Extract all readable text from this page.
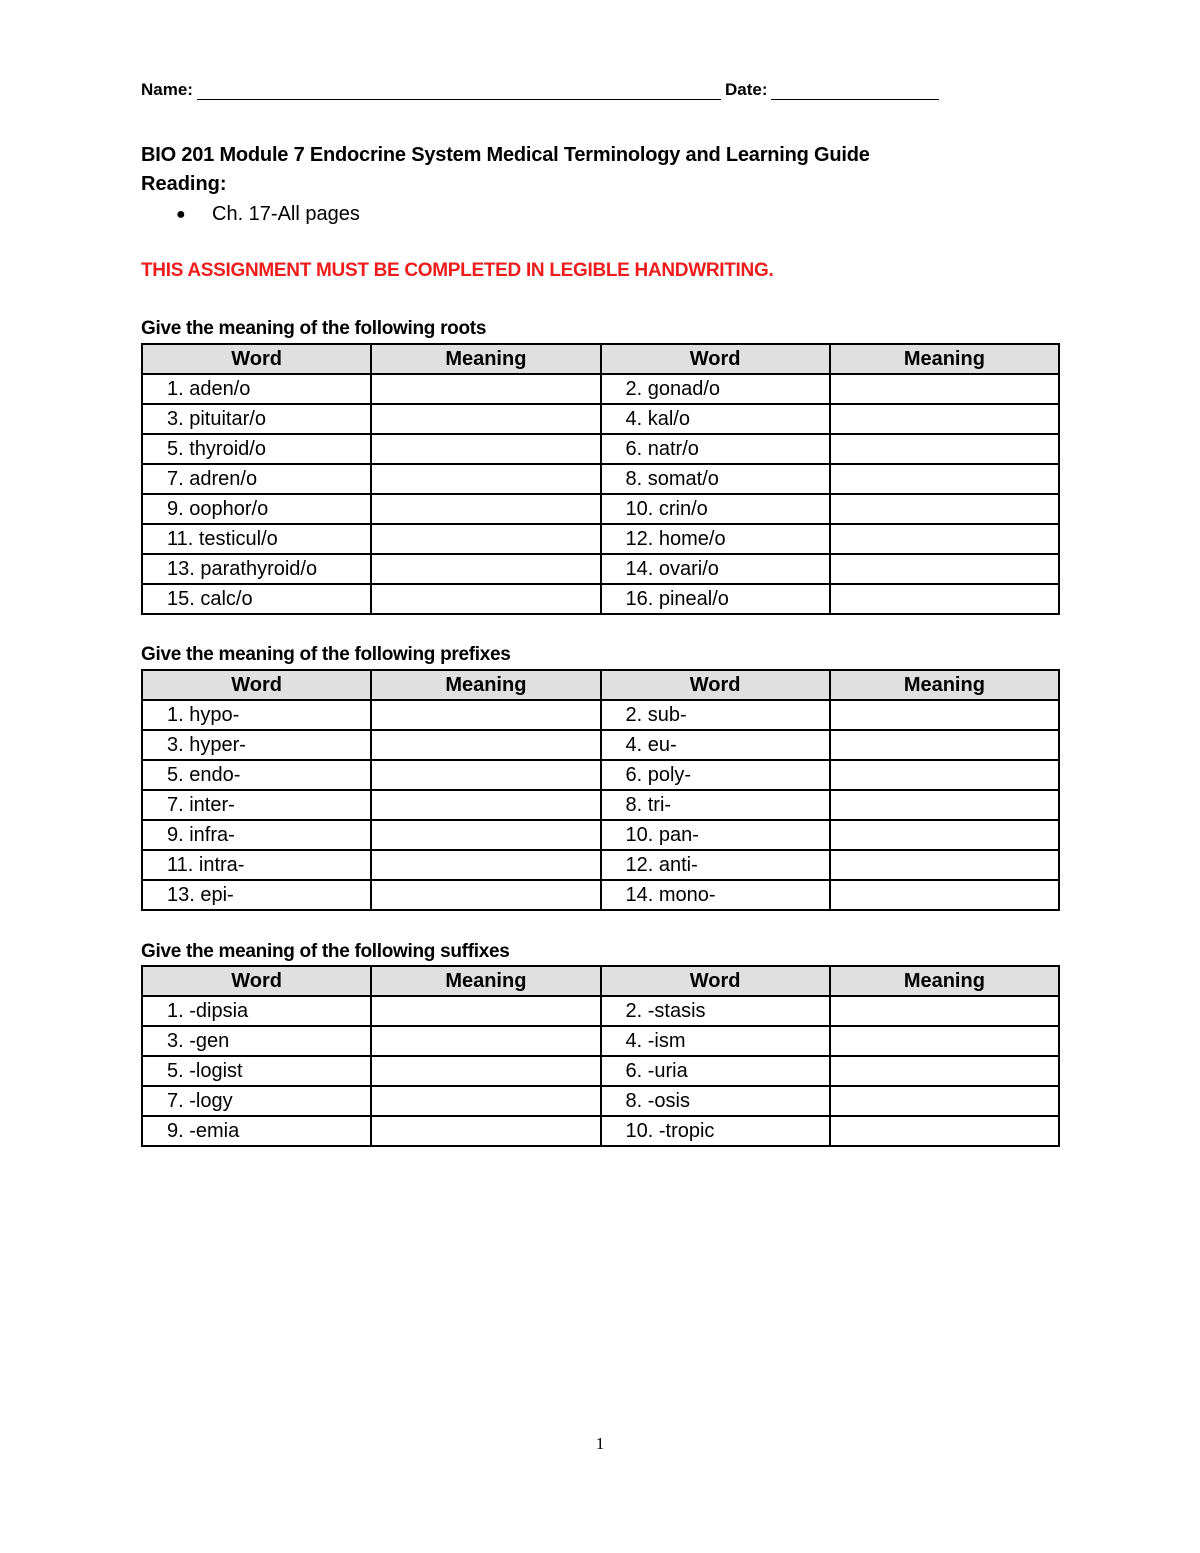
Name:	Date:
BIO 201 Module 7 Endocrine System Medical Terminology and Learning Guide
Reading:
●	Ch. 17-All pages
THIS ASSIGNMENT MUST BE COMPLETED IN LEGIBLE HANDWRITING.
Give the meaning of the following roots
Word	Meaning	Word	Meaning
1. aden/o		2. gonad/o	
3. pituitar/o		4. kal/o	
5. thyroid/o		6. natr/o	
7. adren/o		8. somat/o	
9. oophor/o		10. crin/o	
11. testicul/o		12. home/o	
13. parathyroid/o		14. ovari/o	
15. calc/o		16. pineal/o	
Give the meaning of the following prefixes
Word	Meaning	Word	Meaning
1. hypo-		2. sub-	
3. hyper-		4. eu-	
5. endo-		6. poly-	
7. inter-		8. tri-	
9. infra-		10. pan-	
11. intra-		12. anti-	
13. epi-		14. mono-	
Give the meaning of the following suffixes
Word	Meaning	Word	Meaning
1. -dipsia		2. -stasis	
3. -gen		4. -ism	
5. -logist		6. -uria	
7. -logy		8. -osis	
9. -emia		10. -tropic	
1
